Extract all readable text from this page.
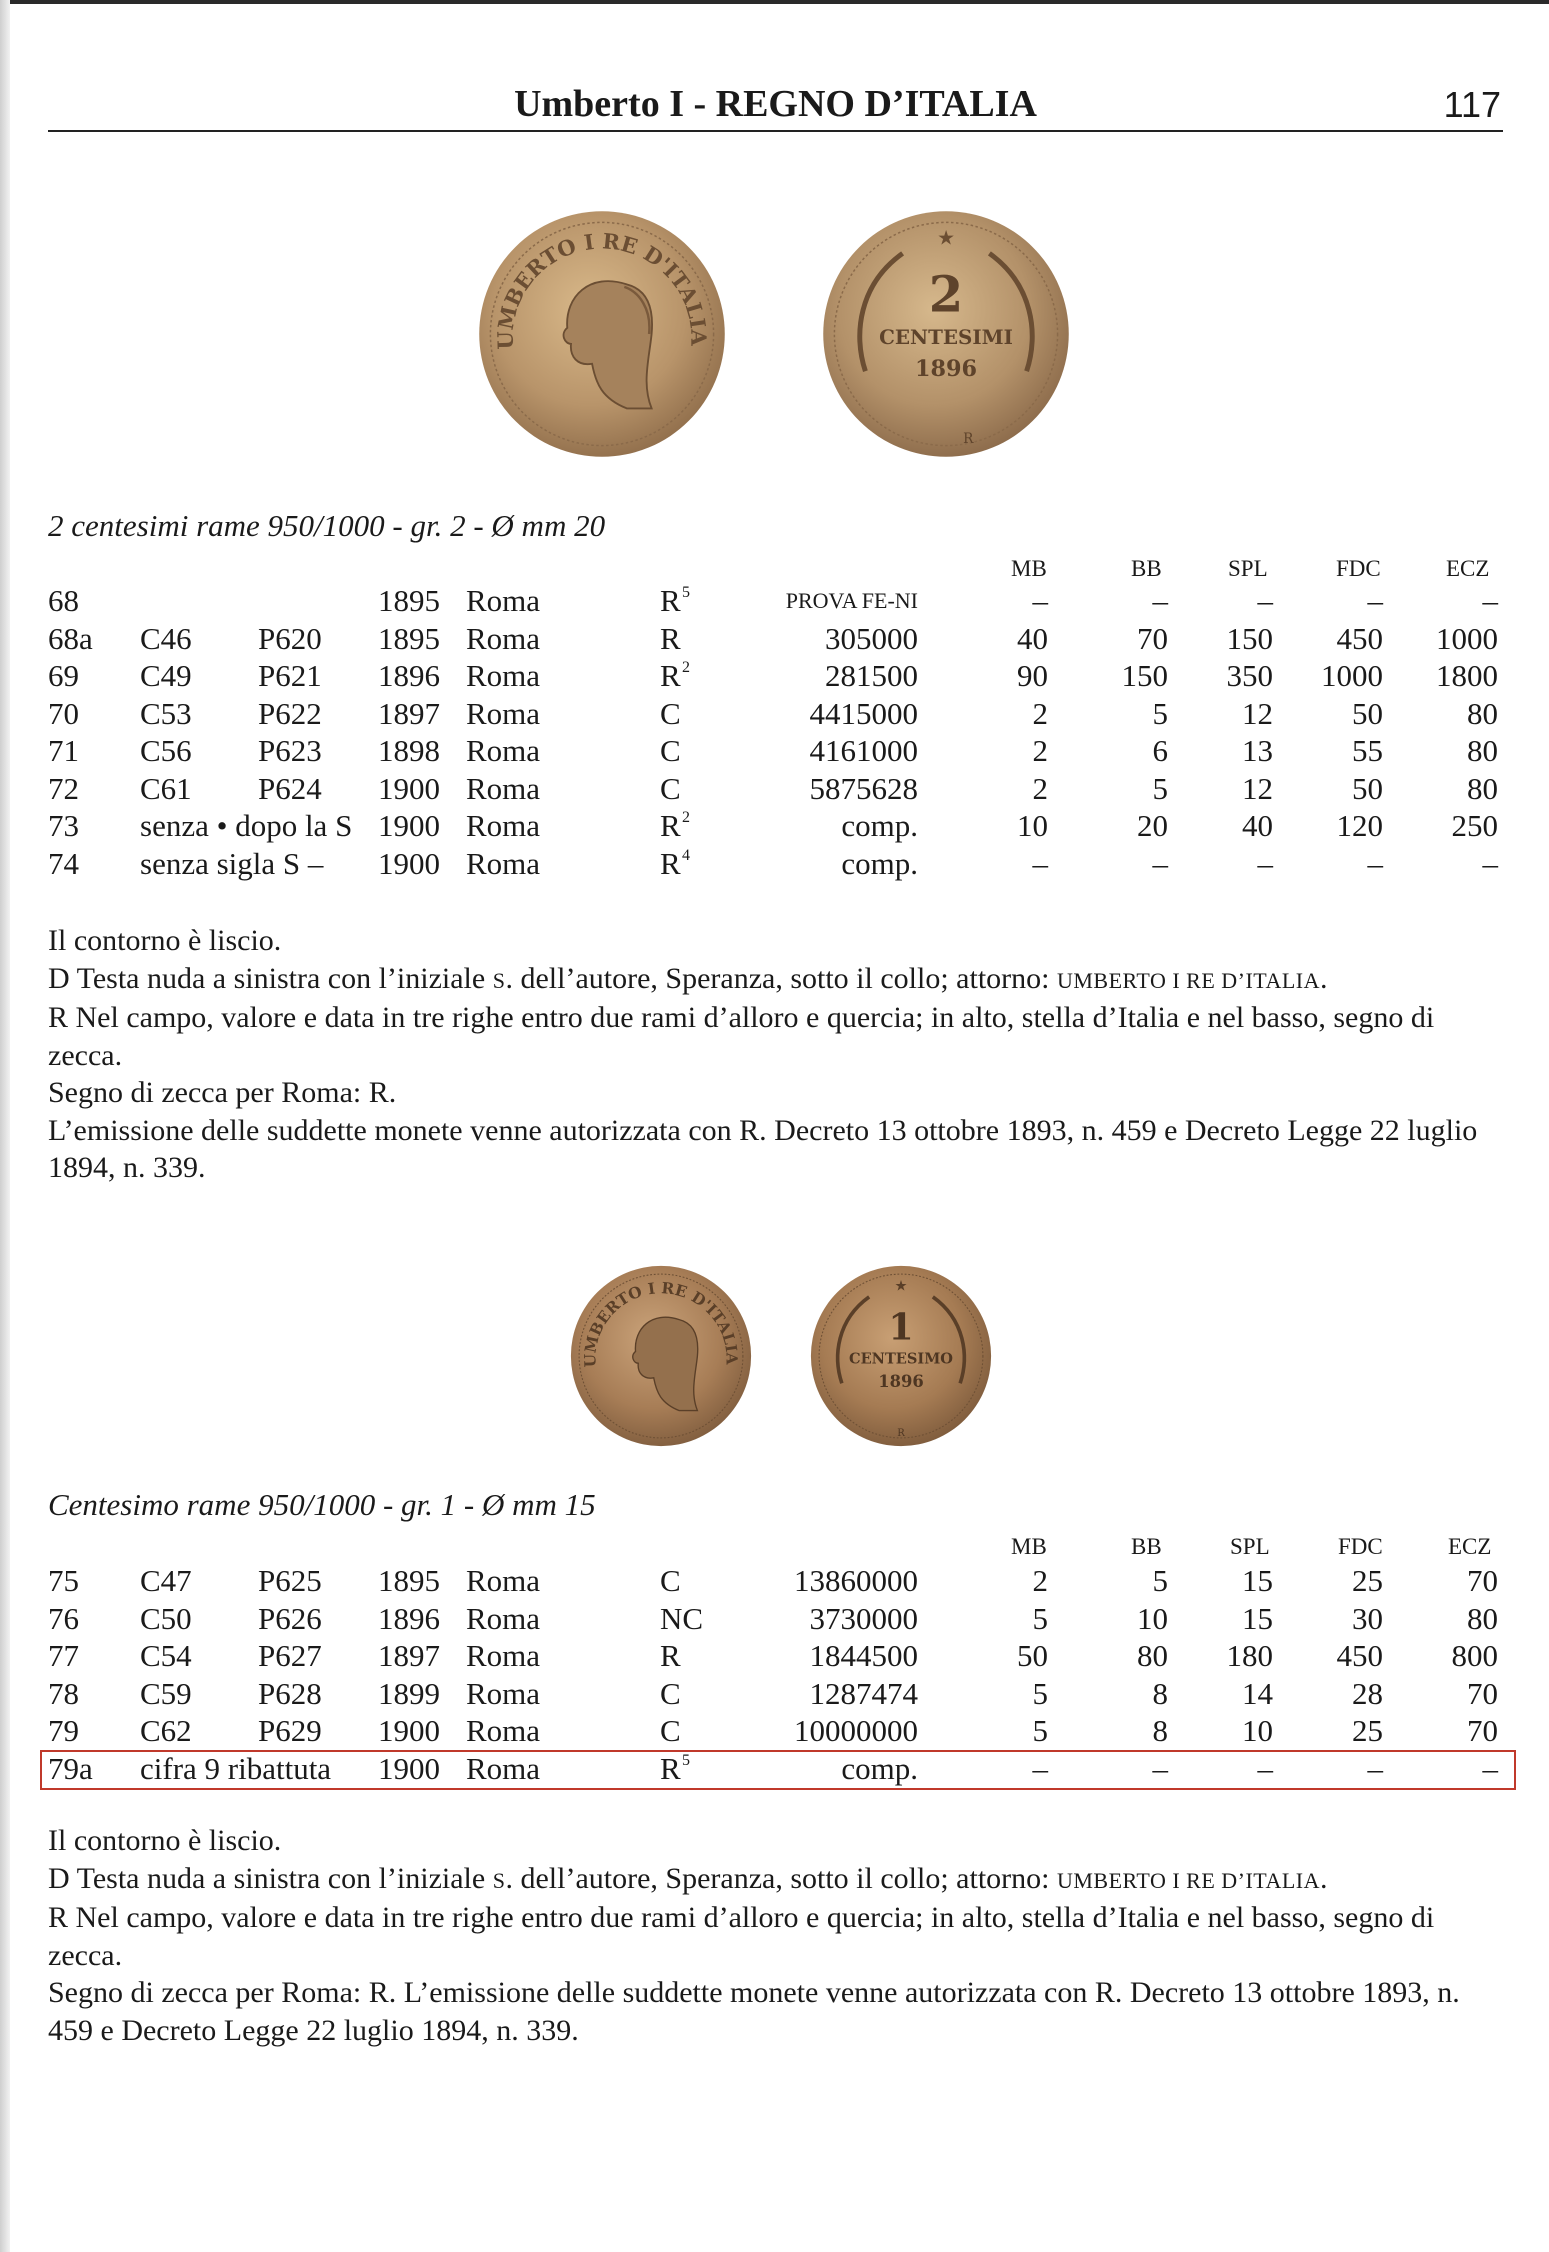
Umberto I - REGNO D’ITALIA	117
UMBERTO I RE D'ITALIA
★
2
CENTESIMI
1896
R
2 centesimi rame 950/1000 - gr. 2 - Ø mm 20
MB	BB	SPL	FDC	ECZ
68	1895 Roma	R 5	PROVA FE-NI	–	–	–	–	–
68a C46 P620 1895 Roma	R	305000	40	70	150	450	1000
69 C49 P621 1896 Roma	R 2	281500	90	150	350	1000	1800
70 C53 P622 1897 Roma	C	4415000	2	5	12	50	80
71 C56 P623 1898 Roma	C	4161000	2	6	13	55	80
72 C61 P624 1900 Roma	C	5875628	2	5	12	50	80
73 senza • dopo la S 1900 Roma	R 2	comp.	10	20	40	120	250
74 senza sigla S – 1900 Roma	R 4	comp.	–	–	–	–	–

Il contorno è liscio.

D Testa nuda a sinistra con l’iniziale S. dell’autore, Speranza, sotto il collo; attorno: UMBERTO I RE D’ITALIA.

R Nel campo, valore e data in tre righe entro due rami d’alloro e quercia; in alto, stella d’Italia e nel basso, segno di zecca.

Segno di zecca per Roma: R.

L’emissione delle suddette monete venne autorizzata con R. Decreto 13 ottobre 1893, n. 459 e Decreto Legge 22 luglio 1894, n. 339.

UMBERTO I RE D'ITALIA
★
1
CENTESIMO
1896
R
Centesimo rame 950/1000 - gr. 1 - Ø mm 15
MB	BB	SPL	FDC	ECZ
75 C47 P625 1895 Roma	C	13860000	2	5	15	25	70
76 C50 P626 1896 Roma	NC	3730000	5	10	15	30	80
77 C54 P627 1897 Roma	R	1844500	50	80	180	450	800
78 C59 P628 1899 Roma	C	1287474	5	8	14	28	70
79 C62 P629 1900 Roma	C	10000000	5	8	10	25	70
79a cifra 9 ribattuta 1900 Roma	R 5	comp.	–	–	–	–	–

Il contorno è liscio.

D Testa nuda a sinistra con l’iniziale S. dell’autore, Speranza, sotto il collo; attorno: UMBERTO I RE D’ITALIA.

R Nel campo, valore e data in tre righe entro due rami d’alloro e quercia; in alto, stella d’Italia e nel basso, segno di zecca.

Segno di zecca per Roma: R. L’emissione delle suddette monete venne autorizzata con R. Decreto 13 ottobre 1893, n. 459 e Decreto Legge 22 luglio 1894, n. 339.
